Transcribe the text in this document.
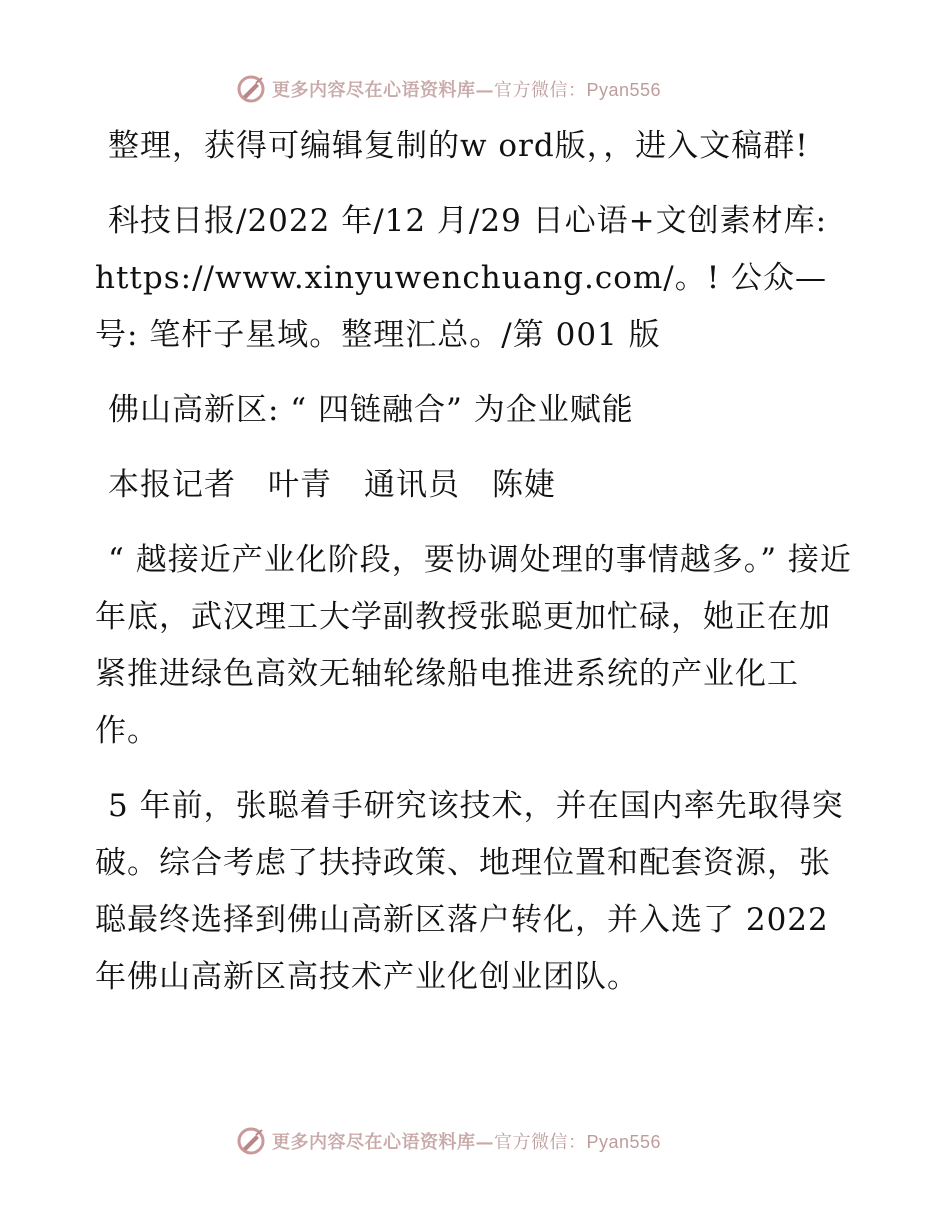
更多内容尽在心语资料库— 官方微信：Pyan556

整理，获得可编辑复制的w ord版，，进入文稿群!

科技日报/2022 年/12 月/29 日心语+文创素材库: https://www.xinyuwenchuang.com/。! 公众—号: 笔杆子星域。整理汇总。/第 001 版

佛山高新区: “ 四链融合” 为企业赋能

本报记者　叶青　通讯员　陈婕

“ 越接近产业化阶段，要协调处理的事情越多。” 接近年底，武汉理工大学副教授张聪更加忙碌，她正在加紧推进绿色高效无轴轮缘船电推进系统的产业化工作。

5 年前，张聪着手研究该技术，并在国内率先取得突破。综合考虑了扶持政策、地理位置和配套资源，张聪最终选择到佛山高新区落户转化，并入选了 2022 年佛山高新区高技术产业化创业团队。

更多内容尽在心语资料库— 官方微信：Pyan556
